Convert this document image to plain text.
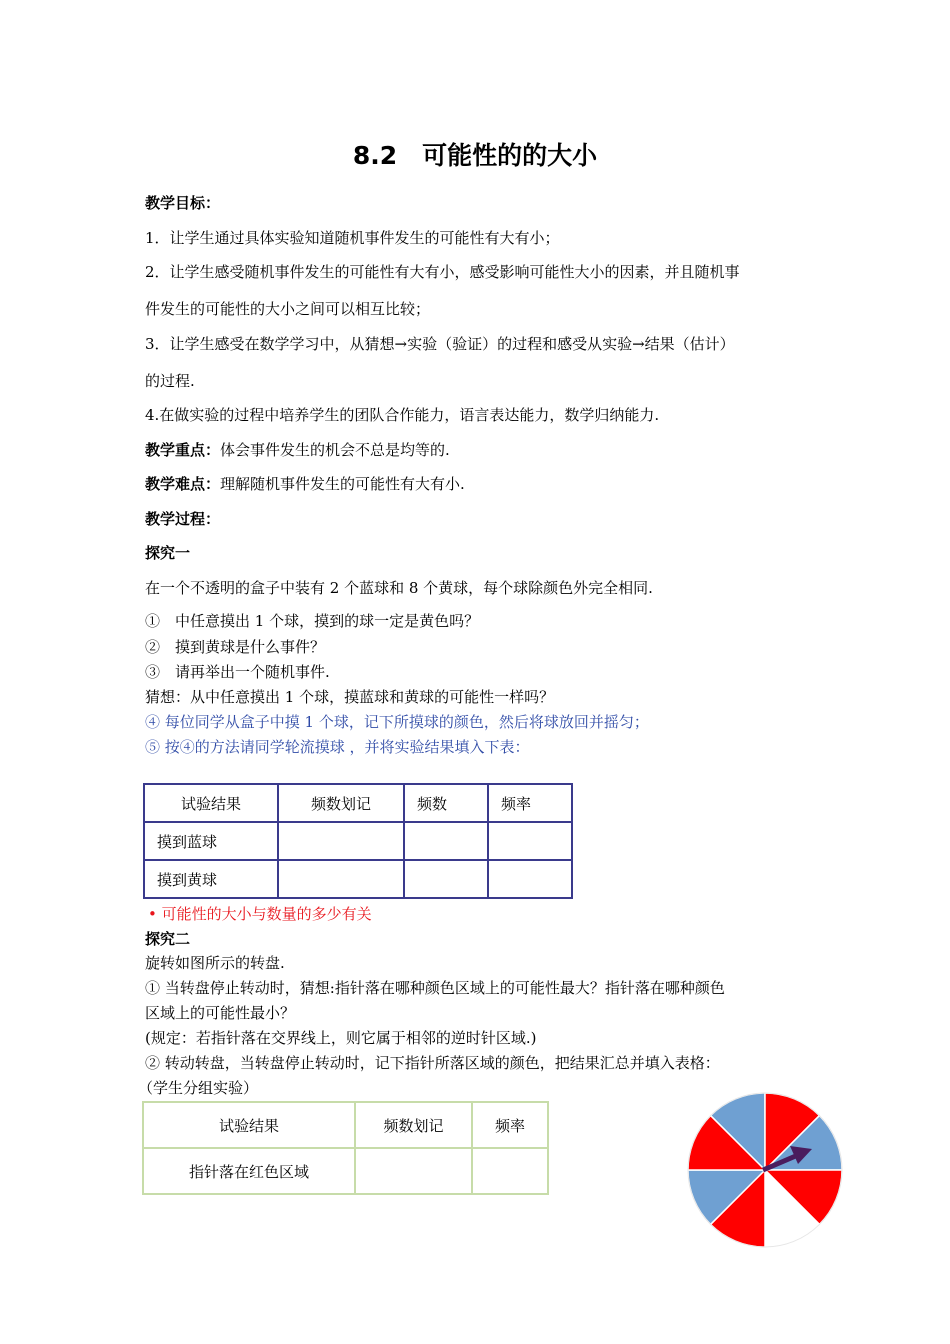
8.2　可能性的的大小
教学目标：
1．让学生通过具体实验知道随机事件发生的可能性有大有小；
2．让学生感受随机事件发生的可能性有大有小，感受影响可能性大小的因素，并且随机事
件发生的可能性的大小之间可以相互比较；
3．让学生感受在数学学习中，从猜想→实验（验证）的过程和感受从实验→结果（估计）
的过程.
4.在做实验的过程中培养学生的团队合作能力，语言表达能力，数学归纳能力.
教学重点：体会事件发生的机会不总是均等的.
教学难点：理解随机事件发生的可能性有大有小.
教学过程：
探究一
在一个不透明的盒子中装有 2 个蓝球和 8 个黄球，每个球除颜色外完全相同.
①　中任意摸出 1 个球，摸到的球一定是黄色吗？
②　摸到黄球是什么事件？
③　请再举出一个随机事件.
猜想：从中任意摸出 1 个球，摸蓝球和黄球的可能性一样吗？
④ 每位同学从盒子中摸 1 个球，记下所摸球的颜色，然后将球放回并摇匀；
⑤ 按④的方法请同学轮流摸球 ，并将实验结果填入下表：
试验结果	频数划记	频数	频率
摸到蓝球			
摸到黄球			
• 可能性的大小与数量的多少有关
探究二
旋转如图所示的转盘.
① 当转盘停止转动时，猜想:指针落在哪种颜色区域上的可能性最大？指针落在哪种颜色
区域上的可能性最小？
(规定：若指针落在交界线上，则它属于相邻的逆时针区域.)
② 转动转盘，当转盘停止转动时，记下指针所落区域的颜色，把结果汇总并填入表格：
（学生分组实验）
试验结果	频数划记	频率
指针落在红色区域		
